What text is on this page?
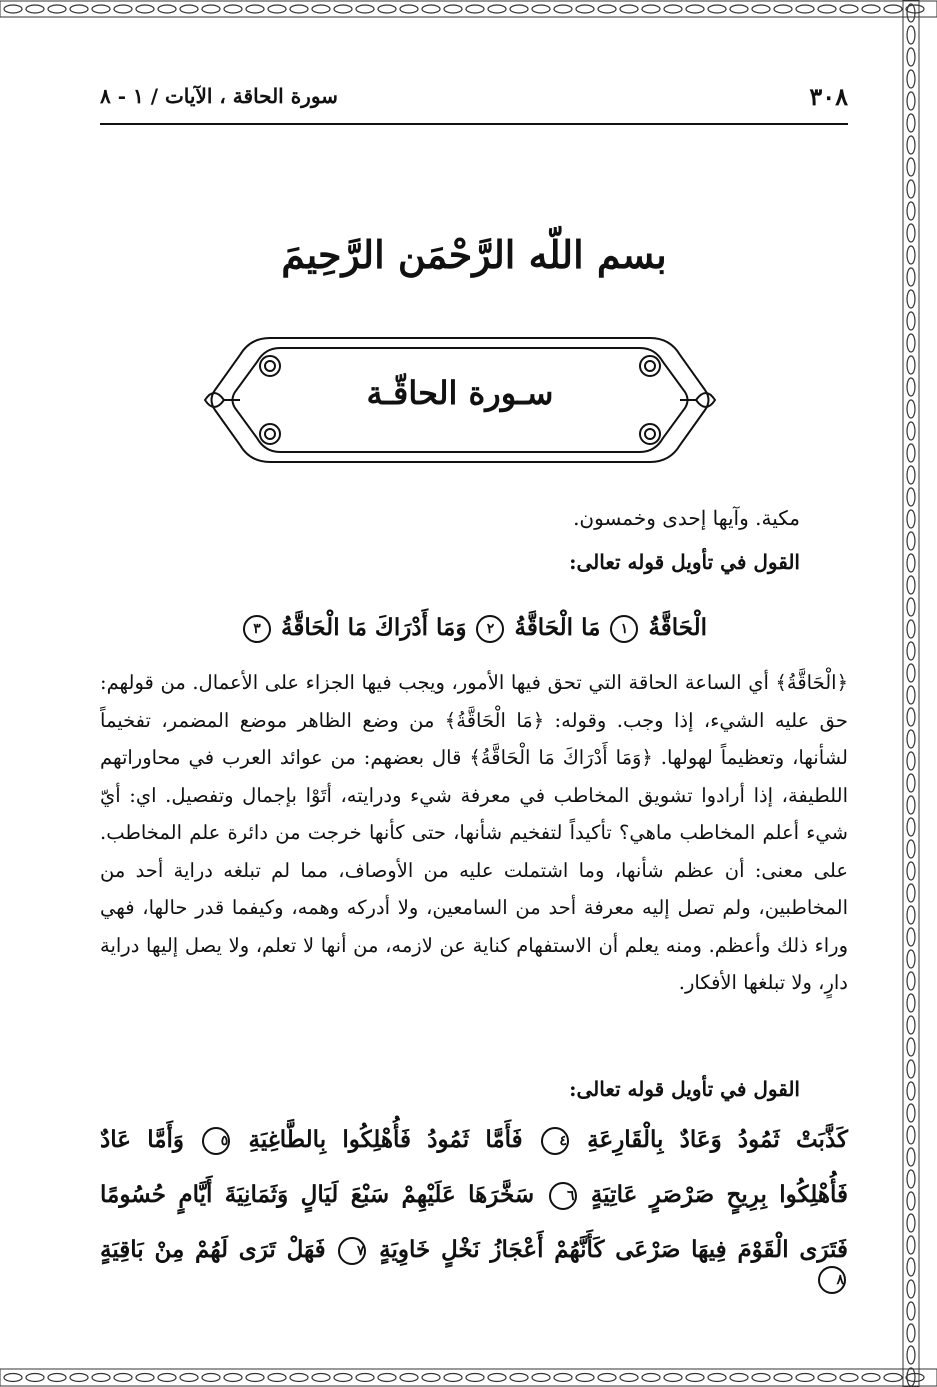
٣٠٨
سورة الحاقة ، الآيات / ١ - ٨
بسم اللّه الرَّحْمَن الرَّحِيمَ
سـورة الحاقّـة
مكية. وآيها إحدى وخمسون.
القول في تأويل قوله تعالى:
الْحَاقَّةُ ١ مَا الْحَاقَّةُ ٢ وَمَا أَدْرَاكَ مَا الْحَاقَّةُ ٣
﴿الْحَاقَّةُ﴾ أي الساعة الحاقة التي تحق فيها الأمور، ويجب فيها الجزاء على الأعمال. من قولهم: حق عليه الشيء، إذا وجب. وقوله: ﴿مَا الْحَاقَّةُ﴾ من وضع الظاهر موضع المضمر، تفخيماً لشأنها، وتعظيماً لهولها. ﴿وَمَا أَدْرَاكَ مَا الْحَاقَّةُ﴾ قال بعضهم: من عوائد العرب في محاوراتهم اللطيفة، إذا أرادوا تشويق المخاطب في معرفة شيء ودرايته، أتَوْا بإجمال وتفصيل. اي: أيّ شيء أعلم المخاطب ماهي؟ تأكيداً لتفخيم شأنها، حتى كأنها خرجت من دائرة علم المخاطب. على معنى: أن عظم شأنها، وما اشتملت عليه من الأوصاف، مما لم تبلغه دراية أحد من المخاطبين، ولم تصل إليه معرفة أحد من السامعين، ولا أدركه وهمه، وكيفما قدر حالها، فهي وراء ذلك وأعظم. ومنه يعلم أن الاستفهام كناية عن لازمه، من أنها لا تعلم، ولا يصل إليها دراية دارٍ، ولا تبلغها الأفكار.
القول في تأويل قوله تعالى:
كَذَّبَتْ ثَمُودُ وَعَادٌ بِالْقَارِعَةِ ٤ فَأَمَّا ثَمُودُ فَأُهْلِكُوا بِالطَّاغِيَةِ ٥ وَأَمَّا عَادٌ
فَأُهْلِكُوا بِرِيحٍ صَرْصَرٍ عَاتِيَةٍ ٦ سَخَّرَهَا عَلَيْهِمْ سَبْعَ لَيَالٍ وَثَمَانِيَةَ أَيَّامٍ حُسُومًا
فَتَرَى الْقَوْمَ فِيهَا صَرْعَى كَأَنَّهُمْ أَعْجَازُ نَخْلٍ خَاوِيَةٍ ٧ فَهَلْ تَرَى لَهُمْ مِنْ بَاقِيَةٍ ٨
